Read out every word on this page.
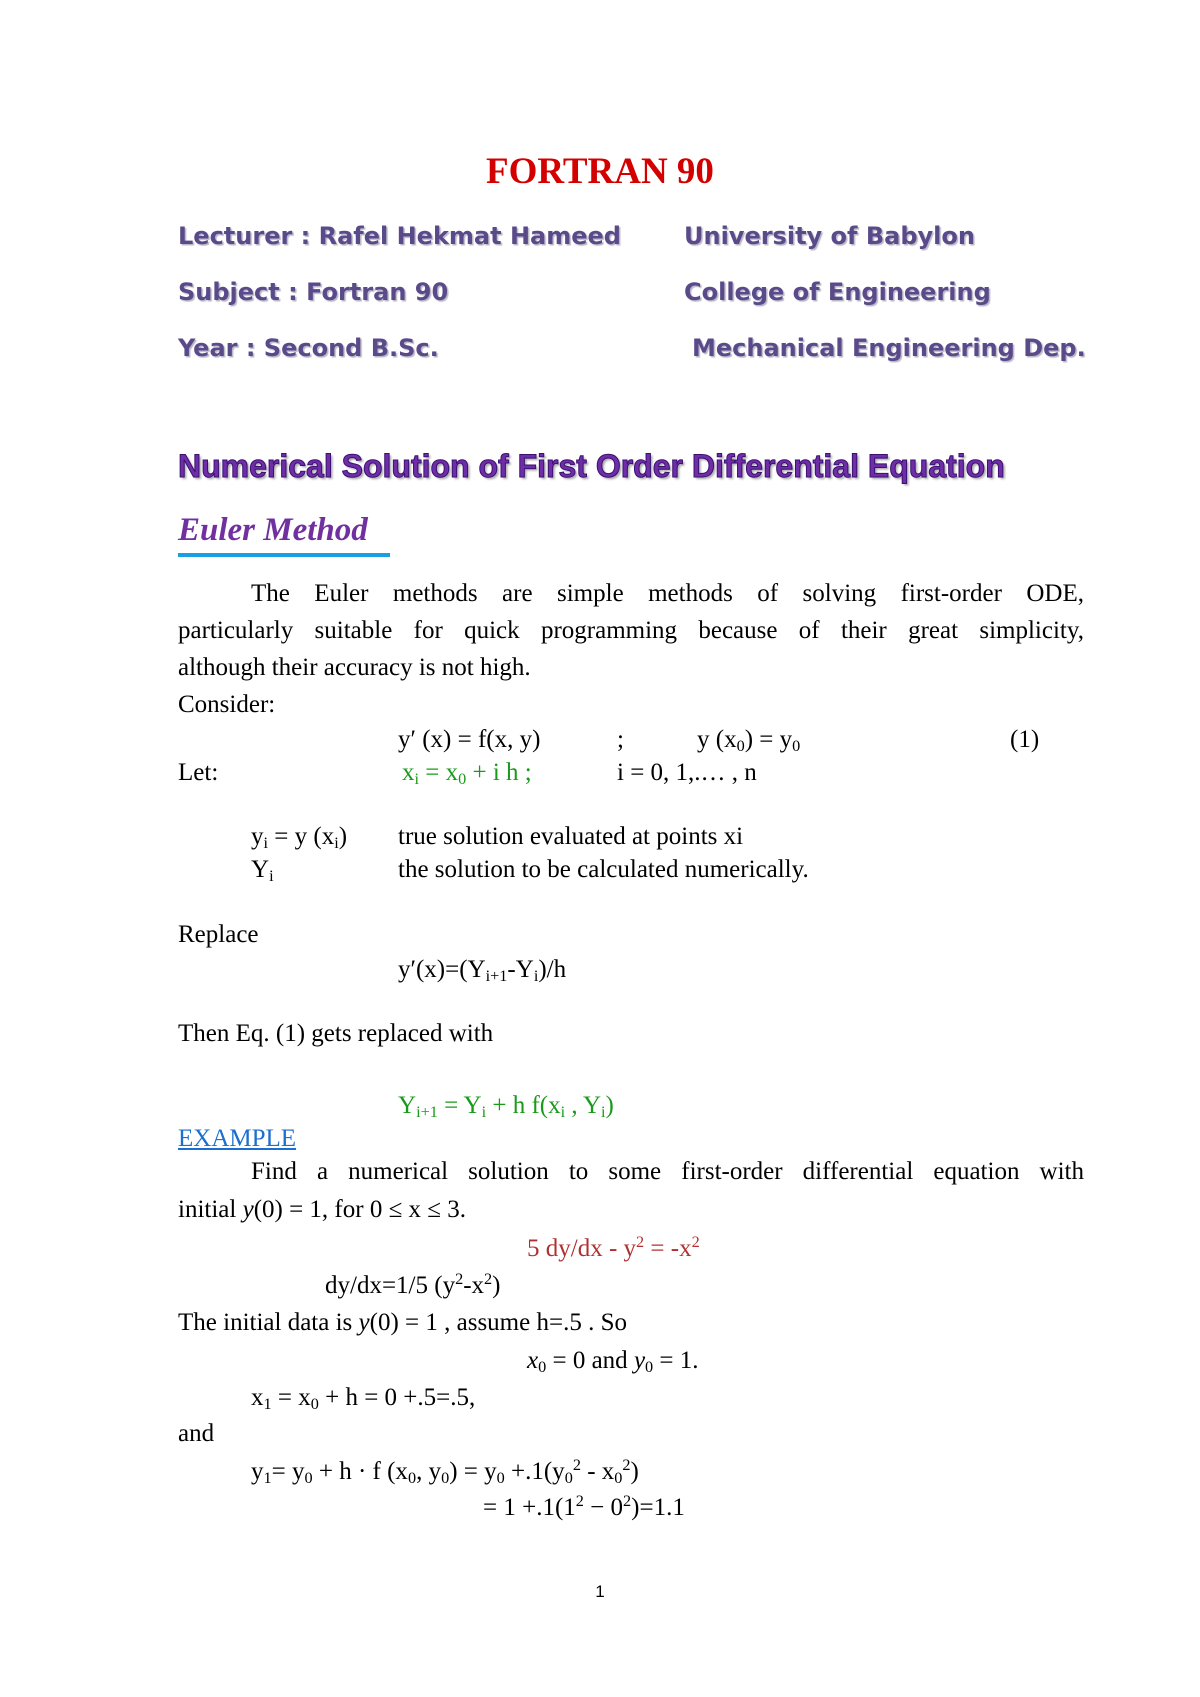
FORTRAN 90
Lecturer : Rafel Hekmat Hameed	University of Babylon
Subject : Fortran 90	College of Engineering
Year : Second B.Sc.	Mechanical Engineering Dep.
Numerical Solution of First Order Differential Equation
Euler Method
The Euler methods are simple methods of solving first-order ODE,
particularly suitable for quick programming because of their great simplicity,
although their accuracy is not high.
Consider:
y′ (x) = f(x, y)	;	y $(x_0) = y_0$	(1)
Let:	$x_i = x_0 + i$ h ;	i = 0, 1,.… , n
$y_i = y$ $(x_i)$ true solution evaluated at points xi
$Y_i$	the solution to be calculated numerically.
Replace
$y'(x)=(Y_{i+1}-Y_i)/h$
Then Eq. (1) gets replaced with
$Y_{i+1} = Y_i + h$ $f(x_i$ , $Y_i$)
EXAMPLE
Find a numerical solution to some first-order differential equation with
initial y(0) = 1, for 0 ≤ x ≤ 3.
5 $dy/dx - y^2 = -x^2$
dy/dx=1/5 $(y^2-x^2)$
The initial data is y(0) = 1 , assume h=.5 . So
$x_0 = 0$ and $y_0 = 1$.
$x_1 = x_0 + h = 0 +.5=.5$,
and
$y_1= y_0 + h \cdot f$ ($x_0$, $y_0) = y_0 +.1(y_0^2 - x_0^2)$
= $1 +.1(1^2 - 0^2)=1.1$
1
